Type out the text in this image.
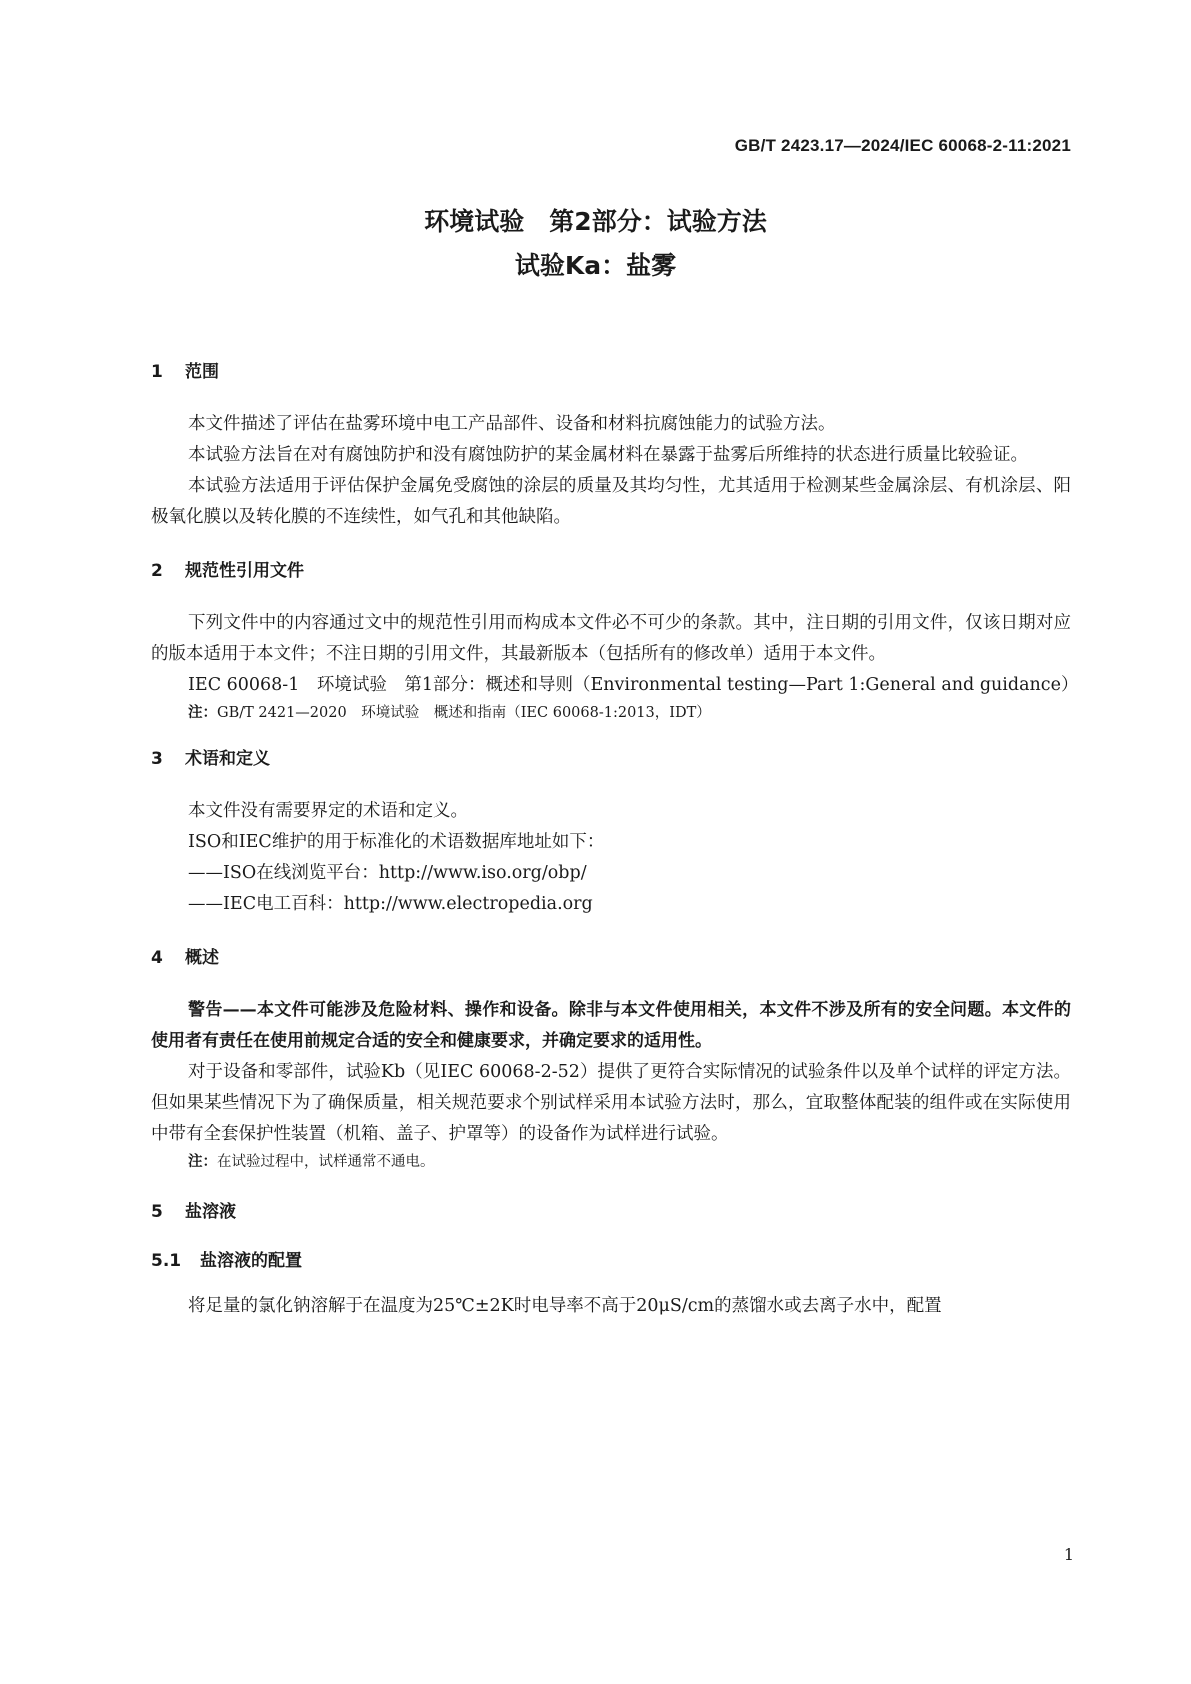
GB/T 2423.17—2024/IEC 60068-2-11:2021
环境试验　第2部分：试验方法
试验Ka：盐雾
1 范围

本文件描述了评估在盐雾环境中电工产品部件、设备和材料抗腐蚀能力的试验方法。

本试验方法旨在对有腐蚀防护和没有腐蚀防护的某金属材料在暴露于盐雾后所维持的状态进行质量比较验证。

本试验方法适用于评估保护金属免受腐蚀的涂层的质量及其均匀性，尤其适用于检测某些金属涂层、有机涂层、阳极氧化膜以及转化膜的不连续性，如气孔和其他缺陷。

2 规范性引用文件

下列文件中的内容通过文中的规范性引用而构成本文件必不可少的条款。其中，注日期的引用文件，仅该日期对应的版本适用于本文件；不注日期的引用文件，其最新版本（包括所有的修改单）适用于本文件。

IEC 60068-1　环境试验　第1部分：概述和导则（Environmental testing—Part 1:General and guidance）

注：GB/T 2421—2020　环境试验　概述和指南（IEC 60068-1:2013，IDT）

3 术语和定义

本文件没有需要界定的术语和定义。

ISO和IEC维护的用于标准化的术语数据库地址如下：

——ISO在线浏览平台：http://www.iso.org/obp/

——IEC电工百科：http://www.electropedia.org

4 概述

警告——本文件可能涉及危险材料、操作和设备。除非与本文件使用相关，本文件不涉及所有的安全问题。本文件的使用者有责任在使用前规定合适的安全和健康要求，并确定要求的适用性。

对于设备和零部件，试验Kb（见IEC 60068-2-52）提供了更符合实际情况的试验条件以及单个试样的评定方法。但如果某些情况下为了确保质量，相关规范要求个别试样采用本试验方法时，那么，宜取整体配装的组件或在实际使用中带有全套保护性装置（机箱、盖子、护罩等）的设备作为试样进行试验。

注：在试验过程中，试样通常不通电。

5 盐溶液
5.1 盐溶液的配置

将足量的氯化钠溶解于在温度为25℃±2K时电导率不高于20μS/cm的蒸馏水或去离子水中，配置

1
